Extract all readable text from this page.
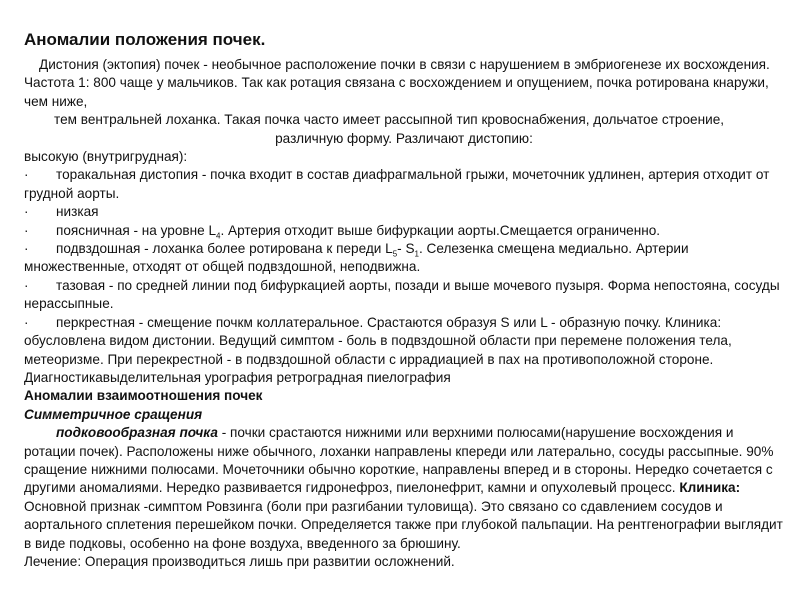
Аномалии положения почек.

Дистония (эктопия) почек - необычное расположение почки в связи с нарушением в эмбриогенезе их восхождения. Частота 1: 800 чаще у мальчиков. Так как ротация связана с восхождением и опущением, почка ротирована кнаружи, чем ниже,

тем вентральней лоханка. Такая почка часто имеет рассыпной тип кровоснабжения, дольчатое строение,

различную форму. Различают дистопию:

высокую (внутригрудная):

· торакальная дистопия - почка входит в состав диафрагмальной грыжи, мочеточник удлинен, артерия отходит от грудной аорты.

· низкая

· поясничная - на уровне $L_4$. Артерия отходит выше бифуркации аорты.Смещается ограниченно.

· подвздошная - лоханка более ротирована к переди $L_5-$ $S_1$. Селезенка смещена медиально. Артерии множественные, отходят от общей подвздошной, неподвижна.

· тазовая - по средней линии под бифуркацией аорты, позади и выше мочевого пузыря. Форма непостояна, сосуды нерассыпные.

· перкрестная - смещение почкм коллатеральное. Срастаются образуя S или L - образную почку. Клиника: обусловлена видом дистонии. Ведущий симптом - боль в подвздошной области при перемене положения тела, метеоризме. При перекрестной - в подвздошной области с иррадиацией в пах на противоположной стороне.

Диагностикавыделительная урография ретроградная пиелография

Аномалии взаимоотношения почек

Симметричное сращения

подковообразная почка - почки срастаются нижними или верхними полюсами(нарушение восхождения и ротации почек). Расположены ниже обычного, лоханки направлены кпереди или латерально, сосуды рассыпные. 90% сращение нижними полюсами. Мочеточники обычно короткие, направлены вперед и в стороны. Нередко сочетается с другими аномалиями. Нередко развивается гидронефроз, пиелонефрит, камни и опухолевый процесс. Клиника: Основной признак -симптом Ровзинга (боли при разгибании туловища). Это связано со сдавлением сосудов и аортального сплетения перешейком почки. Определяется также при глубокой пальпации. На рентгенографии выглядит в виде подковы, особенно на фоне воздуха, введенного за брюшину.

Лечение: Операция производиться лишь при развитии осложнений.
